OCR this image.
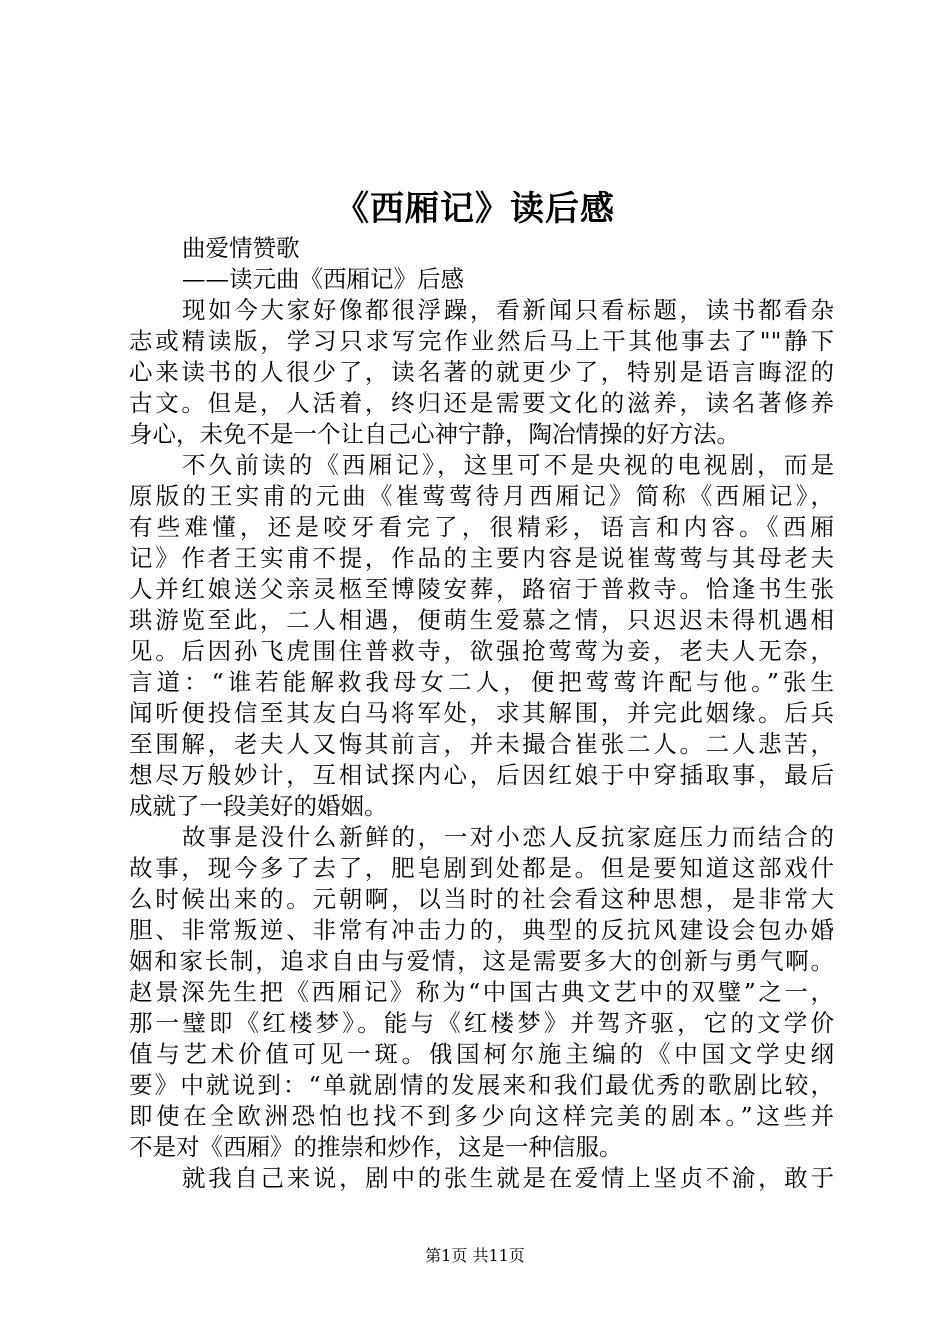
《西厢记》读后感
曲爱情赞歌
——读元曲《西厢记》后感
现如今大家好像都很浮躁，看新闻只看标题，读书都看杂
志或精读版，学习只求写完作业然后马上干其他事去了""静下
心来读书的人很少了，读名著的就更少了，特别是语言晦涩的
古文。但是，人活着，终归还是需要文化的滋养，读名著修养
身心，未免不是一个让自己心神宁静，陶冶情操的好方法。
不久前读的《西厢记》，这里可不是央视的电视剧，而是
原版的王实甫的元曲《崔莺莺待月西厢记》简称《西厢记》，
有些难懂，还是咬牙看完了，很精彩，语言和内容。《西厢
记》作者王实甫不提，作品的主要内容是说崔莺莺与其母老夫
人并红娘送父亲灵柩至博陵安葬，路宿于普救寺。恰逢书生张
珙游览至此，二人相遇，便萌生爱慕之情，只迟迟未得机遇相
见。后因孙飞虎围住普救寺，欲强抢莺莺为妾，老夫人无奈，
言道：“谁若能解救我母女二人，便把莺莺许配与他。”张生
闻听便投信至其友白马将军处，求其解围，并完此姻缘。后兵
至围解，老夫人又悔其前言，并未撮合崔张二人。二人悲苦，
想尽万般妙计，互相试探内心，后因红娘于中穿插取事，最后
成就了一段美好的婚姻。
故事是没什么新鲜的，一对小恋人反抗家庭压力而结合的
故事，现今多了去了，肥皂剧到处都是。但是要知道这部戏什
么时候出来的。元朝啊，以当时的社会看这种思想，是非常大
胆、非常叛逆、非常有冲击力的，典型的反抗风建设会包办婚
姻和家长制，追求自由与爱情，这是需要多大的创新与勇气啊。
赵景深先生把《西厢记》称为“中国古典文艺中的双璧”之一，
那一璧即《红楼梦》。能与《红楼梦》并驾齐驱，它的文学价
值与艺术价值可见一斑。俄国柯尔施主编的《中国文学史纲
要》中就说到：“单就剧情的发展来和我们最优秀的歌剧比较，
即使在全欧洲恐怕也找不到多少向这样完美的剧本。”这些并
不是对《西厢》的推崇和炒作，这是一种信服。
就我自己来说，剧中的张生就是在爱情上坚贞不渝，敢于
第1页 共11页
